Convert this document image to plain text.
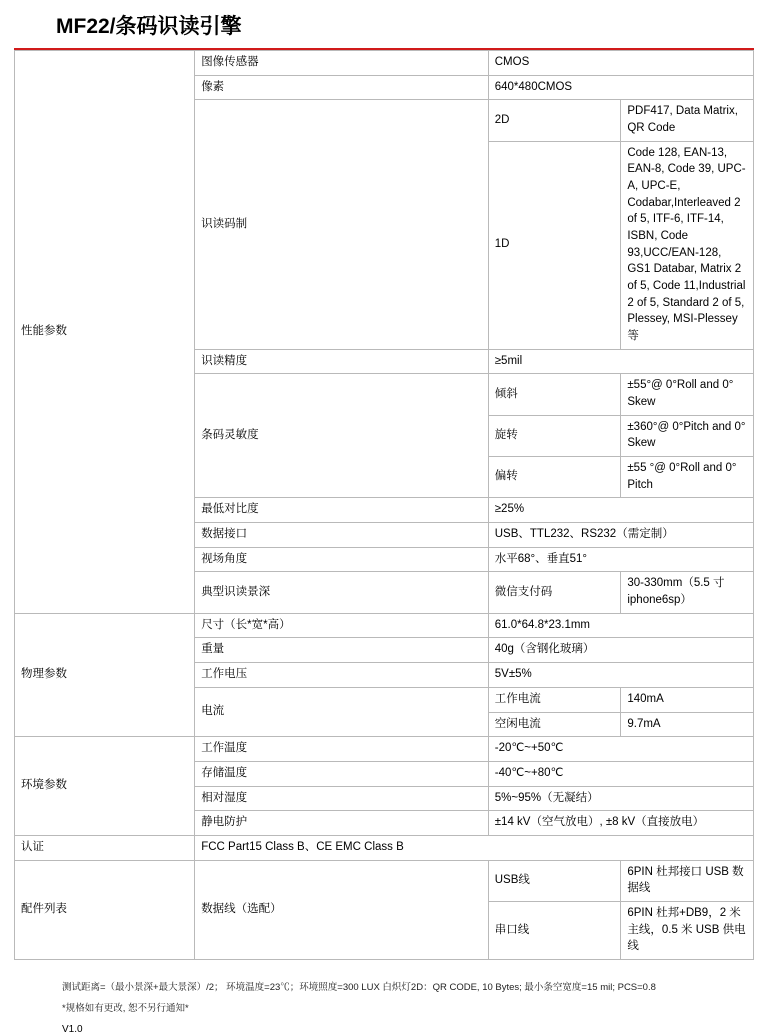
MF22/条码识读引擎
性能参数	图像传感器	CMOS	
	像素	640*480CMOS	
	识读码制	2D	PDF417, Data Matrix, QR Code
		1D	Code 128, EAN-13, EAN-8, Code 39, UPC-A, UPC-E, Codabar,Interleaved 2 of 5, ITF-6, ITF-14, ISBN, Code 93,UCC/EAN-128, GS1 Databar, Matrix 2 of 5, Code 11,Industrial 2 of 5, Standard 2 of 5, Plessey, MSI-Plessey等
	识读精度	≥5mil	
	条码灵敏度	倾斜	±55°@ 0°Roll and 0° Skew
		旋转	±360°@ 0°Pitch and 0° Skew
		偏转	±55 °@ 0°Roll and 0° Pitch
	最低对比度	≥25%	
	数据接口	USB、TTL232、RS232（需定制）	
	视场角度	水平68°、垂直51°	
	典型识读景深	微信支付码	30-330mm（5.5 寸 iphone6sp）
物理参数	尺寸（长*宽*高）	61.0*64.8*23.1mm	
	重量	40g（含钢化玻璃）	
	工作电压	5V±5%	
	电流	工作电流	140mA
		空闲电流	9.7mA
环境参数	工作温度	-20℃~+50℃	
	存储温度	-40℃~+80℃	
	相对湿度	5%~95%（无凝结）	
	静电防护	±14 kV（空气放电）, ±8 kV（直接放电）	
认证	FCC Part15 Class B、CE EMC Class B		
配件列表	数据线（选配）	USB线	6PIN 杜邦接口 USB 数据线
		串口线	6PIN 杜邦+DB9，2 米主线，0.5 米 USB 供电线
测试距离=（最小景深+最大景深）/2； 环境温度=23℃；环境照度=300 LUX 白炽灯2D：QR CODE, 10 Bytes; 最小条空宽度=15 mil; PCS=0.8
*规格如有更改, 恕不另行通知*
V1.0
